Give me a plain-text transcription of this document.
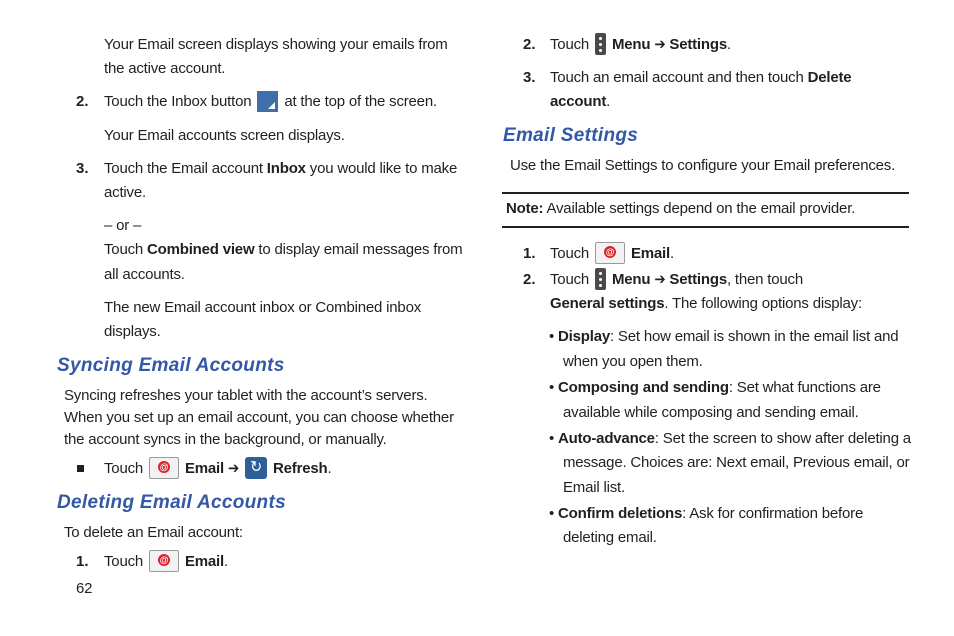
Your Email screen displays showing your emails from
the active account.
2. Touch the Inbox button at the top of the screen.
Your Email accounts screen displays.
3. Touch the Email account Inbox you would like to make
active.
– or –
Touch Combined view to display email messages from
all accounts.
The new Email account inbox or Combined inbox
displays.
Syncing Email Accounts
Syncing refreshes your tablet with the account’s servers.
When you set up an email account, you can choose whether
the account syncs in the background, or manually.
Touch @ Email ➔ ↻ Refresh.
Deleting Email Accounts
To delete an Email account:
1. Touch @ Email.
62
2. Touch Menu ➔ Settings.
3. Touch an email account and then touch Delete
account.
Email Settings
Use the Email Settings to configure your Email preferences.
Note: Available settings depend on the email provider.
1. Touch @ Email.
2. Touch Menu ➔ Settings, then touch
General settings. The following options display:
• Display: Set how email is shown in the email list and
when you open them.
• Composing and sending: Set what functions are
available while composing and sending email.
• Auto-advance: Set the screen to show after deleting a
message. Choices are: Next email, Previous email, or
Email list.
• Confirm deletions: Ask for confirmation before
deleting email.
